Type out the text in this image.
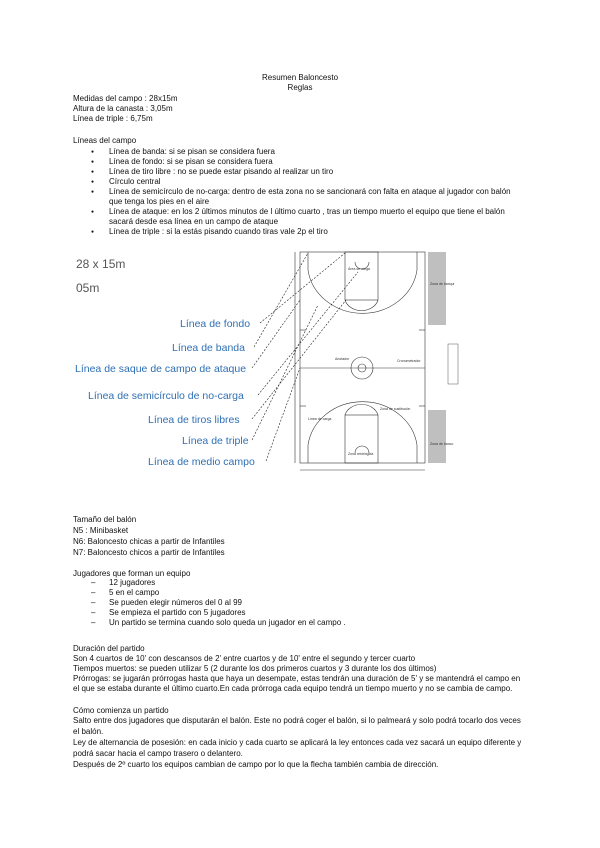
Resumen Baloncesto
Reglas
Medidas del campo : 28x15m
Altura de la canasta : 3,05m
Línea de triple : 6,75m
Líneas del campo
● Línea de banda: si se pisan se considera fuera
● Línea de fondo: si se pisan se considera fuera
● Línea de tiro libre : no se puede estar pisando al realizar un tiro
● Círculo central
● Línea de semicírculo de no-carga: dentro de esta zona no se sancionará con falta en ataque al jugador con balón
que tenga los pies en el aire
● Línea de ataque: en los 2 últimos minutos de l último cuarto , tras un tiempo muerto el equipo que tiene el balón
sacará desde esa línea en un campo de ataque
● Línea de triple : si la estás pisando cuando tiras vale 2p el tiro
Zona de banqui
Zona de banco
Cronometrador
Anotador
Zona de sustitución
Línea de carga
Zona restringida
Área de carga
28 x 15m
05m
Línea de fondo
Línea de banda
Línea de saque de campo de ataque
Línea de semicírculo de no-carga
Línea de tiros libres
Línea de triple
Línea de medio campo
Tamaño del balón
N5 : Minibasket
N6: Baloncesto chicas a partir de Infantiles
N7: Baloncesto chicos a partir de Infantiles
Jugadores que forman un equipo
– 12 jugadores
– 5 en el campo
– Se pueden elegir números del 0 al 99
– Se empieza el partido con 5 jugadores
– Un partido se termina cuando solo queda un jugador en el campo .
Duración del partido
Son 4 cuartos de 10' con descansos de 2' entre cuartos y de 10' entre el segundo y tercer cuarto
Tiempos muertos: se pueden utilizar 5 (2 durante los dos primeros cuartos y 3 durante los dos últimos)
Prórrogas: se jugarán prórrogas hasta que haya un desempate, estas tendrán una duración de 5' y se mantendrá el campo en
el que se estaba durante el último cuarto.En cada prórroga cada equipo tendrá un tiempo muerto y no se cambia de campo.
Cómo comienza un partido
Salto entre dos jugadores que disputarán el balón. Este no podrá coger el balón, si lo palmeará y solo podrá tocarlo dos veces
el balón.
Ley de alternancia de posesión: en cada inicio y cada cuarto se aplicará la ley entonces cada vez sacará un equipo diferente y
podrá sacar hacia el campo trasero o delantero.
Después de 2º cuarto los equipos cambian de campo por lo que la flecha también cambia de dirección.
